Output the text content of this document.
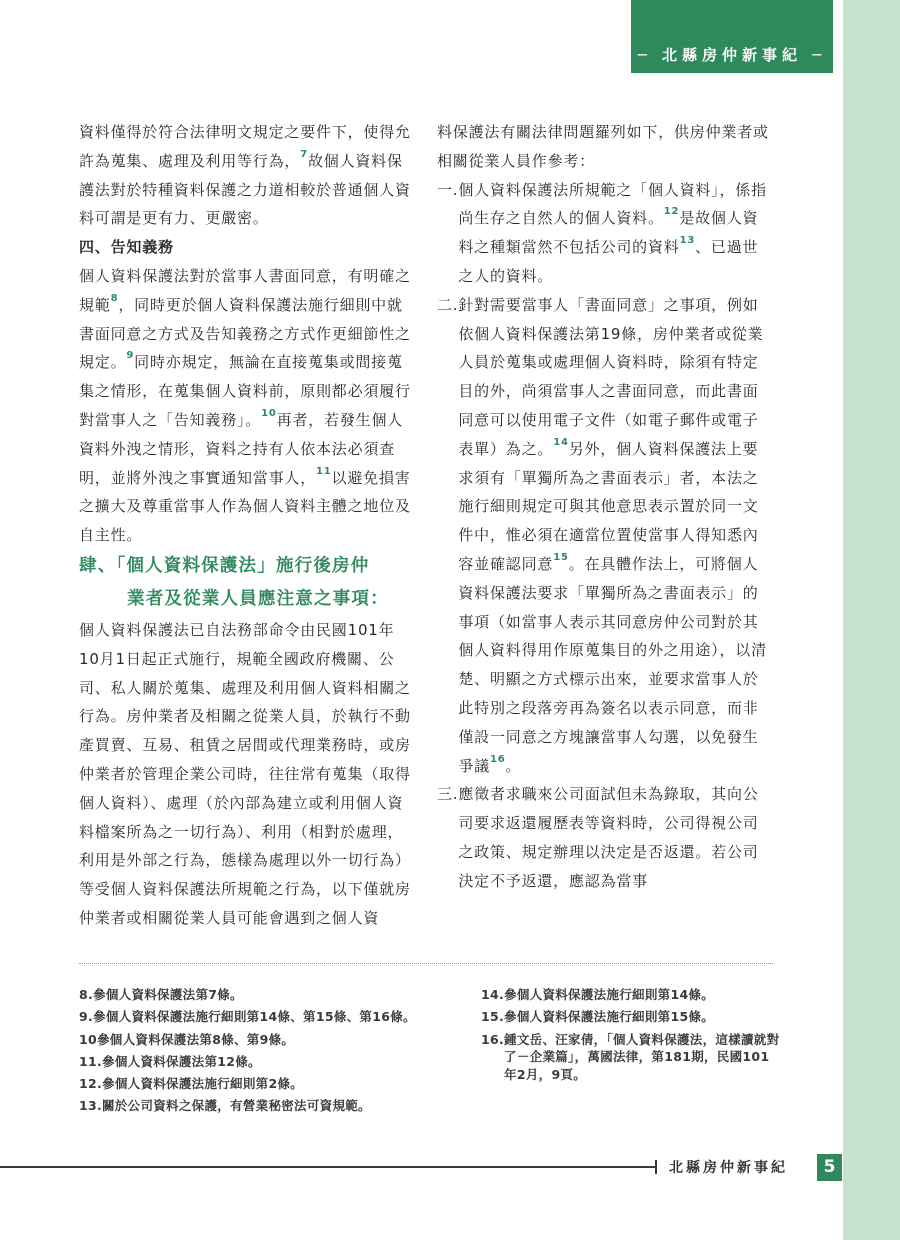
─ 北縣房仲新事紀 ─

資料僅得於符合法律明文規定之要件下，使得允許為蒐集、處理及利用等行為，$^7$故個人資料保護法對於特種資料保護之力道相較於普通個人資料可謂是更有力、更嚴密。

四、告知義務

個人資料保護法對於當事人書面同意，有明確之規範$^8$，同時更於個人資料保護法施行細則中就書面同意之方式及告知義務之方式作更細節性之規定。$^9$同時亦規定，無論在直接蒐集或間接蒐集之情形，在蒐集個人資料前，原則都必須履行對當事人之「告知義務」。$^{10}$再者，若發生個人資料外洩之情形，資料之持有人依本法必須查明，並將外洩之事實通知當事人，$^{11}$以避免損害之擴大及尊重當事人作為個人資料主體之地位及自主性。

肆、「個人資料保護法」施行後房仲
業者及從業人員應注意之事項：

個人資料保護法已自法務部命令由民國101年10月1日起正式施行，規範全國政府機關、公司、私人關於蒐集、處理及利用個人資料相關之行為。房仲業者及相關之從業人員，於執行不動產買賣、互易、租賃之居間或代理業務時，或房仲業者於管理企業公司時，往往常有蒐集（取得個人資料）、處理（於內部為建立或利用個人資料檔案所為之一切行為）、利用（相對於處理，利用是外部之行為，態樣為處理以外一切行為）等受個人資料保護法所規範之行為，以下僅就房仲業者或相關從業人員可能會遇到之個人資

料保護法有關法律問題羅列如下，供房仲業者或相關從業人員作參考：

一. 個人資料保護法所規範之「個人資料」，係指尚生存之自然人的個人資料。$^{12}$是故個人資料之種類當然不包括公司的資料$^{13}$、已過世之人的資料。
二. 針對需要當事人「書面同意」之事項，例如依個人資料保護法第19條，房仲業者或從業人員於蒐集或處理個人資料時，除須有特定目的外，尚須當事人之書面同意，而此書面同意可以使用電子文件（如電子郵件或電子表單）為之。$^{14}$另外，個人資料保護法上要求須有「單獨所為之書面表示」者，本法之施行細則規定可與其他意思表示置於同一文件中，惟必須在適當位置使當事人得知悉內容並確認同意$^{15}$。在具體作法上，可將個人資料保護法要求「單獨所為之書面表示」的事項（如當事人表示其同意房仲公司對於其個人資料得用作原蒐集目的外之用途），以清楚、明顯之方式標示出來，並要求當事人於此特別之段落旁再為簽名以表示同意，而非僅設一同意之方塊讓當事人勾選，以免發生爭議$^{16}$。
三. 應徵者求職來公司面試但未為錄取，其向公司要求返還履歷表等資料時，公司得視公司之政策、規定辦理以決定是否返還。若公司決定不予返還，應認為當事
8.參個人資料保護法第7條。
9.參個人資料保護法施行細則第14條、第15條、第16條。
10參個人資料保護法第8條、第9條。
11.參個人資料保護法第12條。
12.參個人資料保護法施行細則第2條。
13.關於公司資料之保護，有營業秘密法可資規範。
14.參個人資料保護法施行細則第14條。
15.參個人資料保護法施行細則第15條。
16. 鍾文岳、汪家倩，「個人資料保護法，這樣讀就對了－企業篇」，萬國法律，第181期，民國101年2月，9頁。
北縣房仲新事紀	5
